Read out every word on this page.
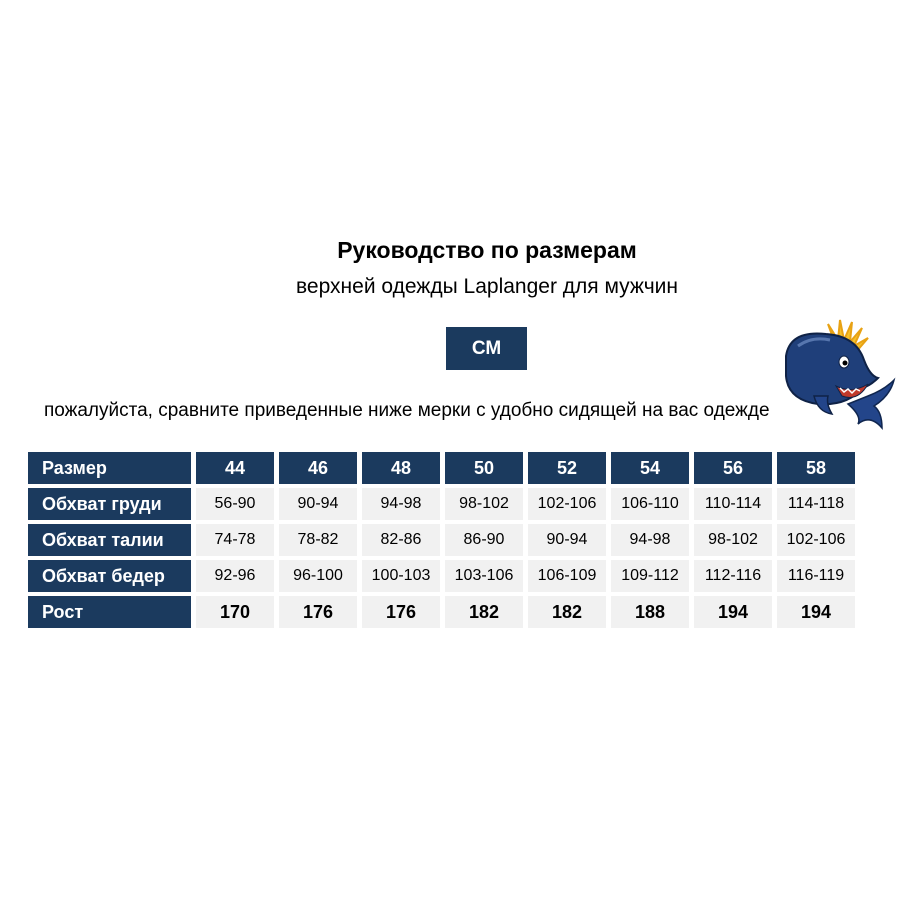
Руководство по размерам
верхней одежды Laplanger для мужчин
СМ
пожалуйста, сравните приведенные ниже мерки с удобно сидящей на вас одежде
Размер	44	46	48	50	52	54	56	58
Обхват груди	56-90	90-94	94-98	98-102	102-106	106-110	110-114	114-118
Обхват талии	74-78	78-82	82-86	86-90	90-94	94-98	98-102	102-106
Обхват бедер	92-96	96-100	100-103	103-106	106-109	109-112	112-116	116-119
Рост	170	176	176	182	182	188	194	194
